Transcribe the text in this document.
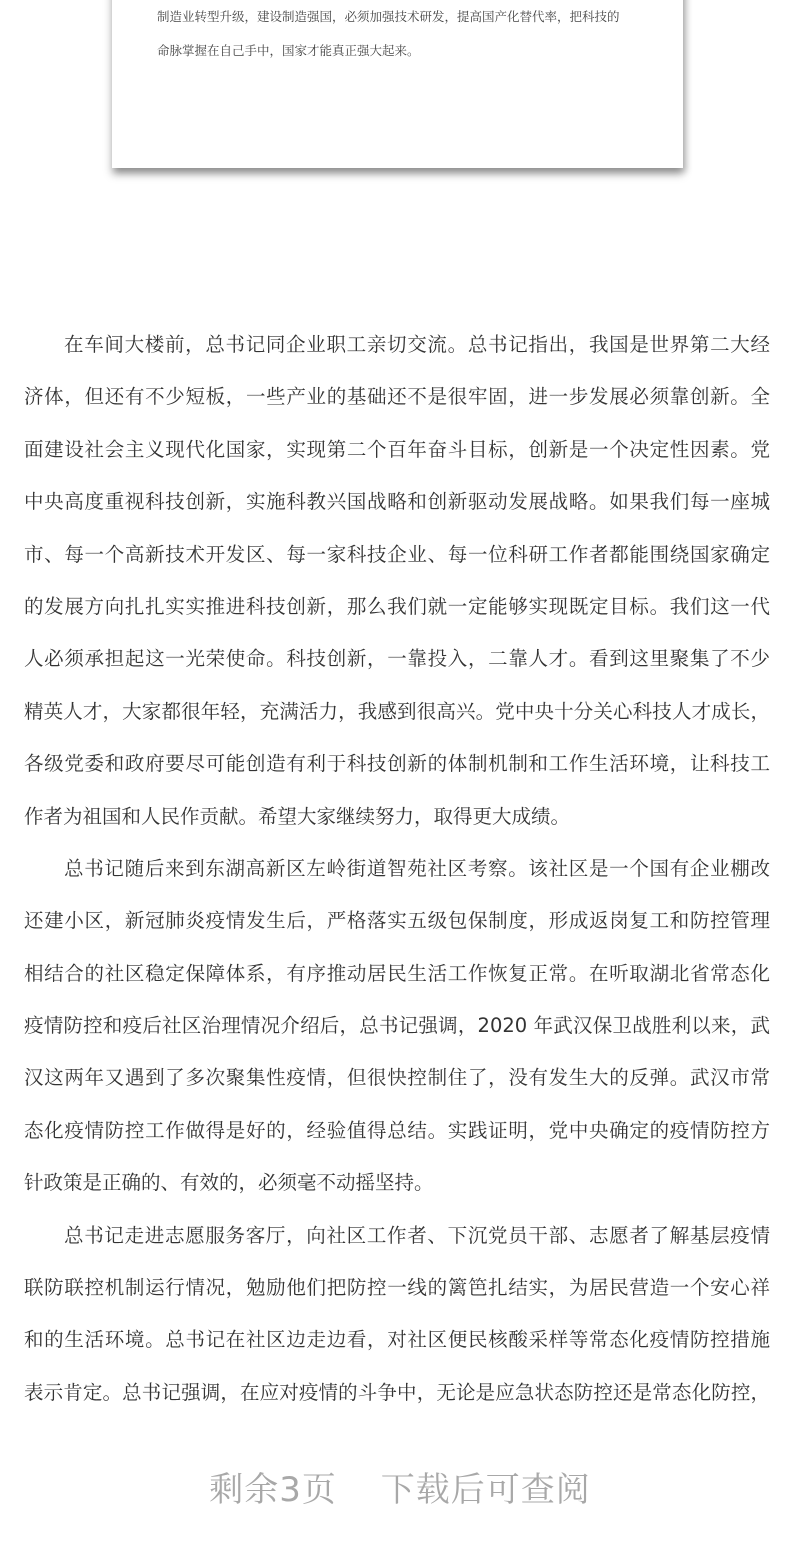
制造业转型升级，建设制造强国，必须加强技术研发，提高国产化替代率，把科技的
命脉掌握在自己手中，国家才能真正强大起来。
在车间大楼前，总书记同企业职工亲切交流。总书记指出，我国是世界第二大经
济体，但还有不少短板，一些产业的基础还不是很牢固，进一步发展必须靠创新。全
面建设社会主义现代化国家，实现第二个百年奋斗目标，创新是一个决定性因素。党
中央高度重视科技创新，实施科教兴国战略和创新驱动发展战略。如果我们每一座城
市、每一个高新技术开发区、每一家科技企业、每一位科研工作者都能围绕国家确定
的发展方向扎扎实实推进科技创新，那么我们就一定能够实现既定目标。我们这一代
人必须承担起这一光荣使命。科技创新，一靠投入，二靠人才。看到这里聚集了不少
精英人才，大家都很年轻，充满活力，我感到很高兴。党中央十分关心科技人才成长，
各级党委和政府要尽可能创造有利于科技创新的体制机制和工作生活环境，让科技工
作者为祖国和人民作贡献。希望大家继续努力，取得更大成绩。
总书记随后来到东湖高新区左岭街道智苑社区考察。该社区是一个国有企业棚改
还建小区，新冠肺炎疫情发生后，严格落实五级包保制度，形成返岗复工和防控管理
相结合的社区稳定保障体系，有序推动居民生活工作恢复正常。在听取湖北省常态化
疫情防控和疫后社区治理情况介绍后，总书记强调，2020 年武汉保卫战胜利以来，武
汉这两年又遇到了多次聚集性疫情，但很快控制住了，没有发生大的反弹。武汉市常
态化疫情防控工作做得是好的，经验值得总结。实践证明，党中央确定的疫情防控方
针政策是正确的、有效的，必须毫不动摇坚持。
总书记走进志愿服务客厅，向社区工作者、下沉党员干部、志愿者了解基层疫情
联防联控机制运行情况，勉励他们把防控一线的篱笆扎结实，为居民营造一个安心祥
和的生活环境。总书记在社区边走边看，对社区便民核酸采样等常态化疫情防控措施
表示肯定。总书记强调，在应对疫情的斗争中，无论是应急状态防控还是常态化防控，
剩余3页 下载后可查阅
